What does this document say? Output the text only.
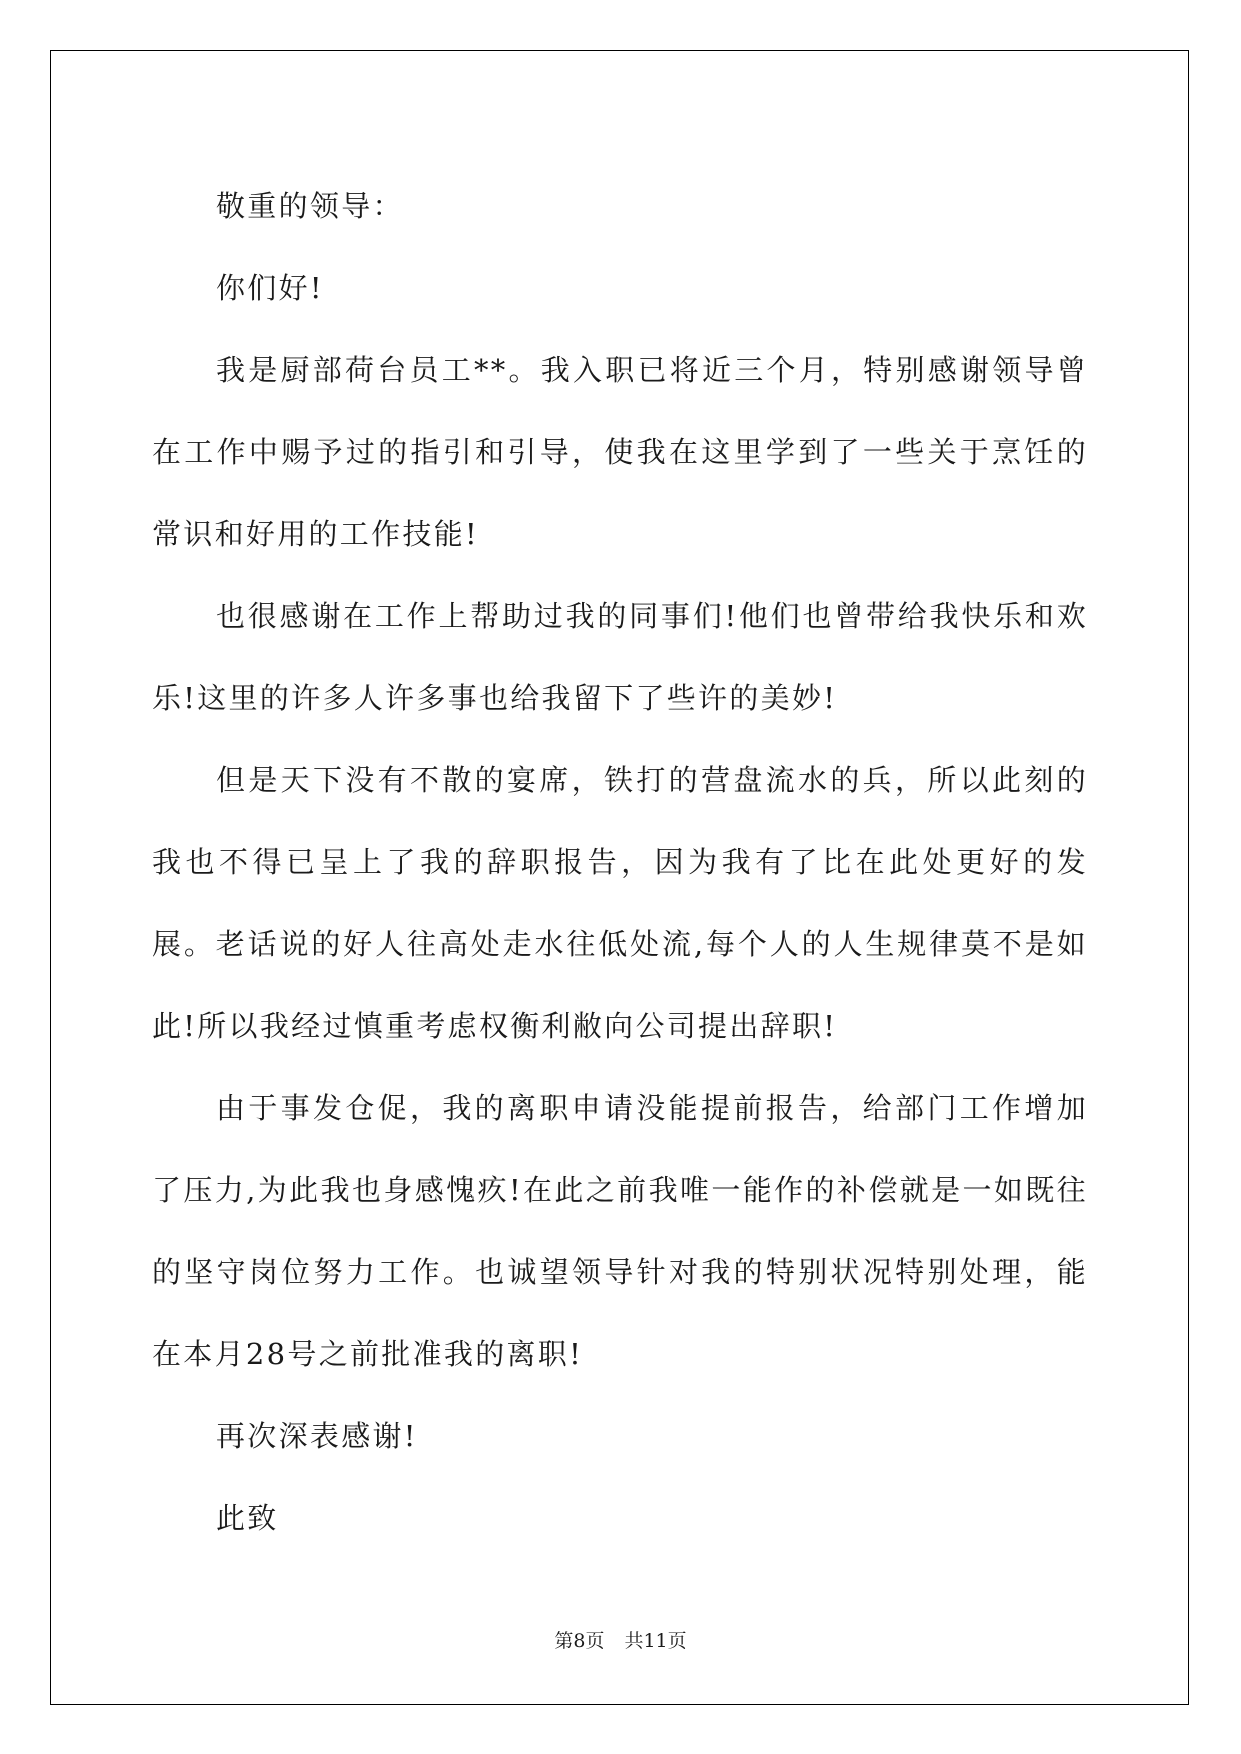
敬重的领导：

你们好!

我是厨部荷台员工**。我入职已将近三个月，特别感谢领导曾在工作中赐予过的指引和引导，使我在这里学到了一些关于烹饪的常识和好用的工作技能!

也很感谢在工作上帮助过我的同事们!他们也曾带给我快乐和欢乐!这里的许多人许多事也给我留下了些许的美妙!

但是天下没有不散的宴席，铁打的营盘流水的兵，所以此刻的我也不得已呈上了我的辞职报告，因为我有了比在此处更好的发展。老话说的好人往高处走水往低处流,每个人的人生规律莫不是如此!所以我经过慎重考虑权衡利敝向公司提出辞职!

由于事发仓促，我的离职申请没能提前报告，给部门工作增加了压力,为此我也身感愧疚!在此之前我唯一能作的补偿就是一如既往的坚守岗位努力工作。也诚望领导针对我的特别状况特别处理，能在本月28号之前批准我的离职!

再次深表感谢!

此致

第8页 共11页
